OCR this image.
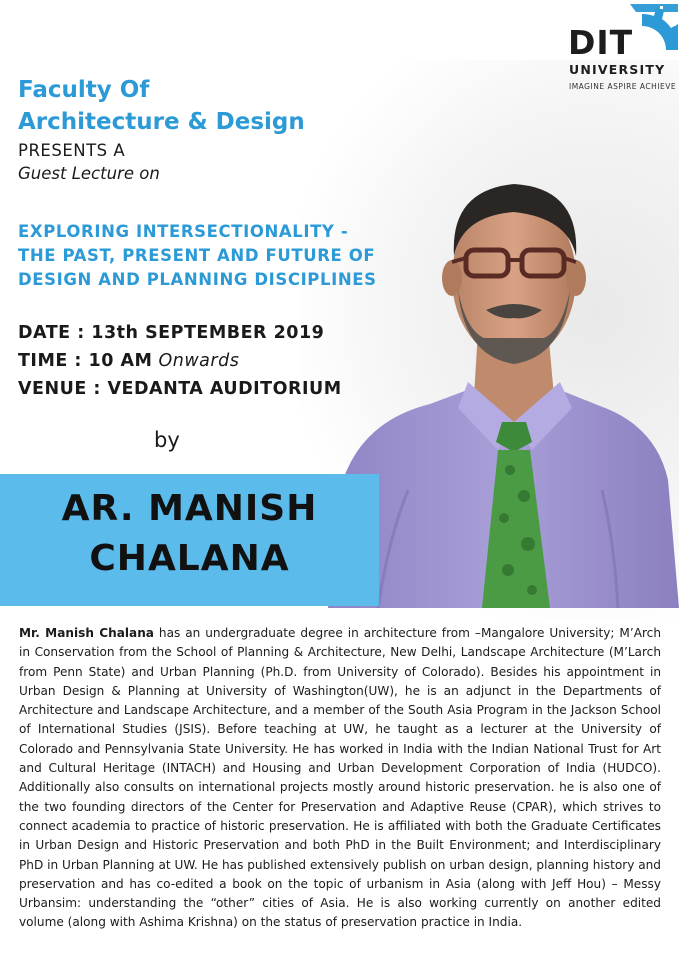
DIT
UNIVERSITY
IMAGINE ASPIRE ACHIEVE
Faculty Of
Architecture & Design
PRESENTS A
Guest Lecture on
EXPLORING INTERSECTIONALITY -
THE PAST, PRESENT AND FUTURE OF
DESIGN AND PLANNING DISCIPLINES
DATE : 13th SEPTEMBER 2019
TIME : 10 AM Onwards
VENUE : VEDANTA AUDITORIUM
by
AR. MANISH
CHALANA

Mr. Manish Chalana has an undergraduate degree in architecture from –Mangalore University; M’Arch in Conservation from the School of Planning & Architecture, New Delhi, Landscape Architecture (M’Larch from Penn State) and Urban Planning (Ph.D. from University of Colorado). Besides his appointment in Urban Design & Planning at University of Washington(UW), he is an adjunct in the Departments of Architecture and Landscape Architecture, and a member of the South Asia Program in the Jackson School of International Studies (JSIS). Before teaching at UW, he taught as a lecturer at the University of Colorado and Pennsylvania State University. He has worked in India with the Indian National Trust for Art and Cultural Heritage (INTACH) and Housing and Urban Development Corporation of India (HUDCO). Additionally also consults on international projects mostly around historic preservation. he is also one of the two founding directors of the Center for Preservation and Adaptive Reuse (CPAR), which strives to connect academia to practice of historic preservation. He is affiliated with both the Graduate Certificates in Urban Design and Historic Preservation and both PhD in the Built Environment; and Interdisciplinary PhD in Urban Planning at UW. He has published extensively publish on urban design, planning history and preservation and has co-edited a book on the topic of urbanism in Asia (along with Jeff Hou) – Messy Urbansim: understanding the “other” cities of Asia. He is also working currently on another edited volume (along with Ashima Krishna) on the status of preservation practice in India.
